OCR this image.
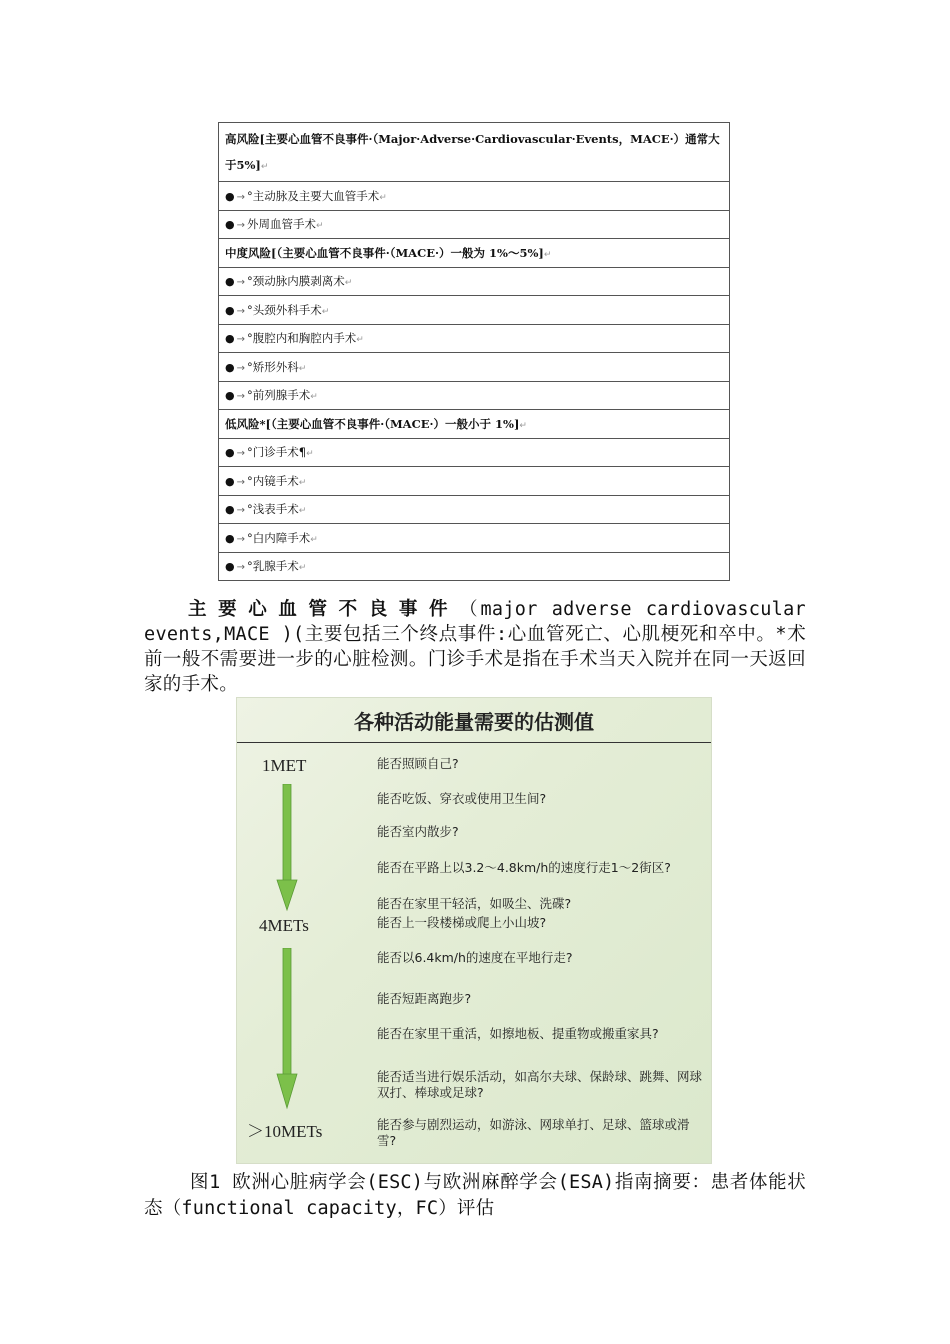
高风险[主要心血管不良事件·（Major·Adverse·Cardiovascular·Events，MACE·）通常大于5%]↵
● → °主动脉及主要大血管手术↵
● → 外周血管手术↵
中度风险[（主要心血管不良事件·（MACE·）一般为 1%～5%]↵
● → °颈动脉内膜剥离术↵
● → °头颈外科手术↵
● → °腹腔内和胸腔内手术↵
● → °矫形外科↵
● → °前列腺手术↵
低风险*[（主要心血管不良事件·（MACE·）一般小于 1%]↵
● → °门诊手术¶↵
● → °内镜手术↵
● → °浅表手术↵
● → °白内障手术↵
● → °乳腺手术↵
主要心血管不良事件（major adverse cardiovascular events,MACE )(主要包括三个终点事件:心血管死亡、心肌梗死和卒中。*术前一般不需要进一步的心脏检测。门诊手术是指在手术当天入院并在同一天返回家的手术。
各种活动能量需要的估测值
1MET
4METs
＞10METs
能否照顾自己?
能否吃饭、穿衣或使用卫生间?
能否室内散步?
能否在平路上以3.2～4.8km/h的速度行走1～2街区?
能否在家里干轻活，如吸尘、洗碟?
能否上一段楼梯或爬上小山坡?
能否以6.4km/h的速度在平地行走?
能否短距离跑步?
能否在家里干重活，如擦地板、提重物或搬重家具?
能否适当进行娱乐活动，如高尔夫球、保龄球、跳舞、网球双打、棒球或足球?
能否参与剧烈运动，如游泳、网球单打、足球、篮球或滑雪?
图1 欧洲心脏病学会(ESC)与欧洲麻醉学会(ESA)指南摘要：患者体能状态（functional capacity，FC）评估
